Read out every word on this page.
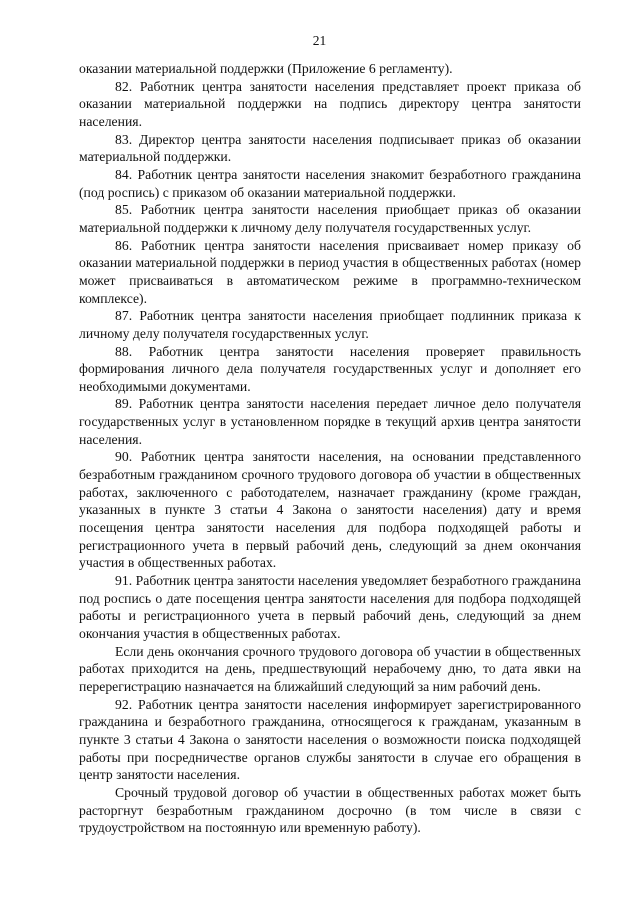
21

оказании материальной поддержки (Приложение 6 регламенту).

82. Работник центра занятости населения представляет проект приказа об оказании материальной поддержки на подпись директору центра занятости населения.

83. Директор центра занятости населения подписывает приказ об оказании материальной поддержки.

84. Работник центра занятости населения знакомит безработного гражданина (под роспись) с приказом об оказании материальной поддержки.

85. Работник центра занятости населения приобщает приказ об оказании материальной поддержки к личному делу получателя государственных услуг.

86. Работник центра занятости населения присваивает номер приказу об оказании материальной поддержки в период участия в общественных работах (номер может присваиваться в автоматическом режиме в программно-техническом комплексе).

87. Работник центра занятости населения приобщает подлинник приказа к личному делу получателя государственных услуг.

88. Работник центра занятости населения проверяет правильность формирования личного дела получателя государственных услуг и дополняет его необходимыми документами.

89. Работник центра занятости населения передает личное дело получателя государственных услуг в установленном порядке в текущий архив центра занятости населения.

90. Работник центра занятости населения, на основании представленного безработным гражданином срочного трудового договора об участии в общественных работах, заключенного с работодателем, назначает гражданину (кроме граждан, указанных в пункте 3 статьи 4 Закона о занятости населения) дату и время посещения центра занятости населения для подбора подходящей работы и регистрационного учета в первый рабочий день, следующий за днем окончания участия в общественных работах.

91. Работник центра занятости населения уведомляет безработного гражданина под роспись о дате посещения центра занятости населения для подбора подходящей работы и регистрационного учета в первый рабочий день, следующий за днем окончания участия в общественных работах.

Если день окончания срочного трудового договора об участии в общественных работах приходится на день, предшествующий нерабочему дню, то дата явки на перерегистрацию назначается на ближайший следующий за ним рабочий день.

92. Работник центра занятости населения информирует зарегистрированного гражданина и безработного гражданина, относящегося к гражданам, указанным в пункте 3 статьи 4 Закона о занятости населения о возможности поиска подходящей работы при посредничестве органов службы занятости в случае его обращения в центр занятости населения.

Срочный трудовой договор об участии в общественных работах может быть расторгнут безработным гражданином досрочно (в том числе в связи с трудоустройством на постоянную или временную работу).
